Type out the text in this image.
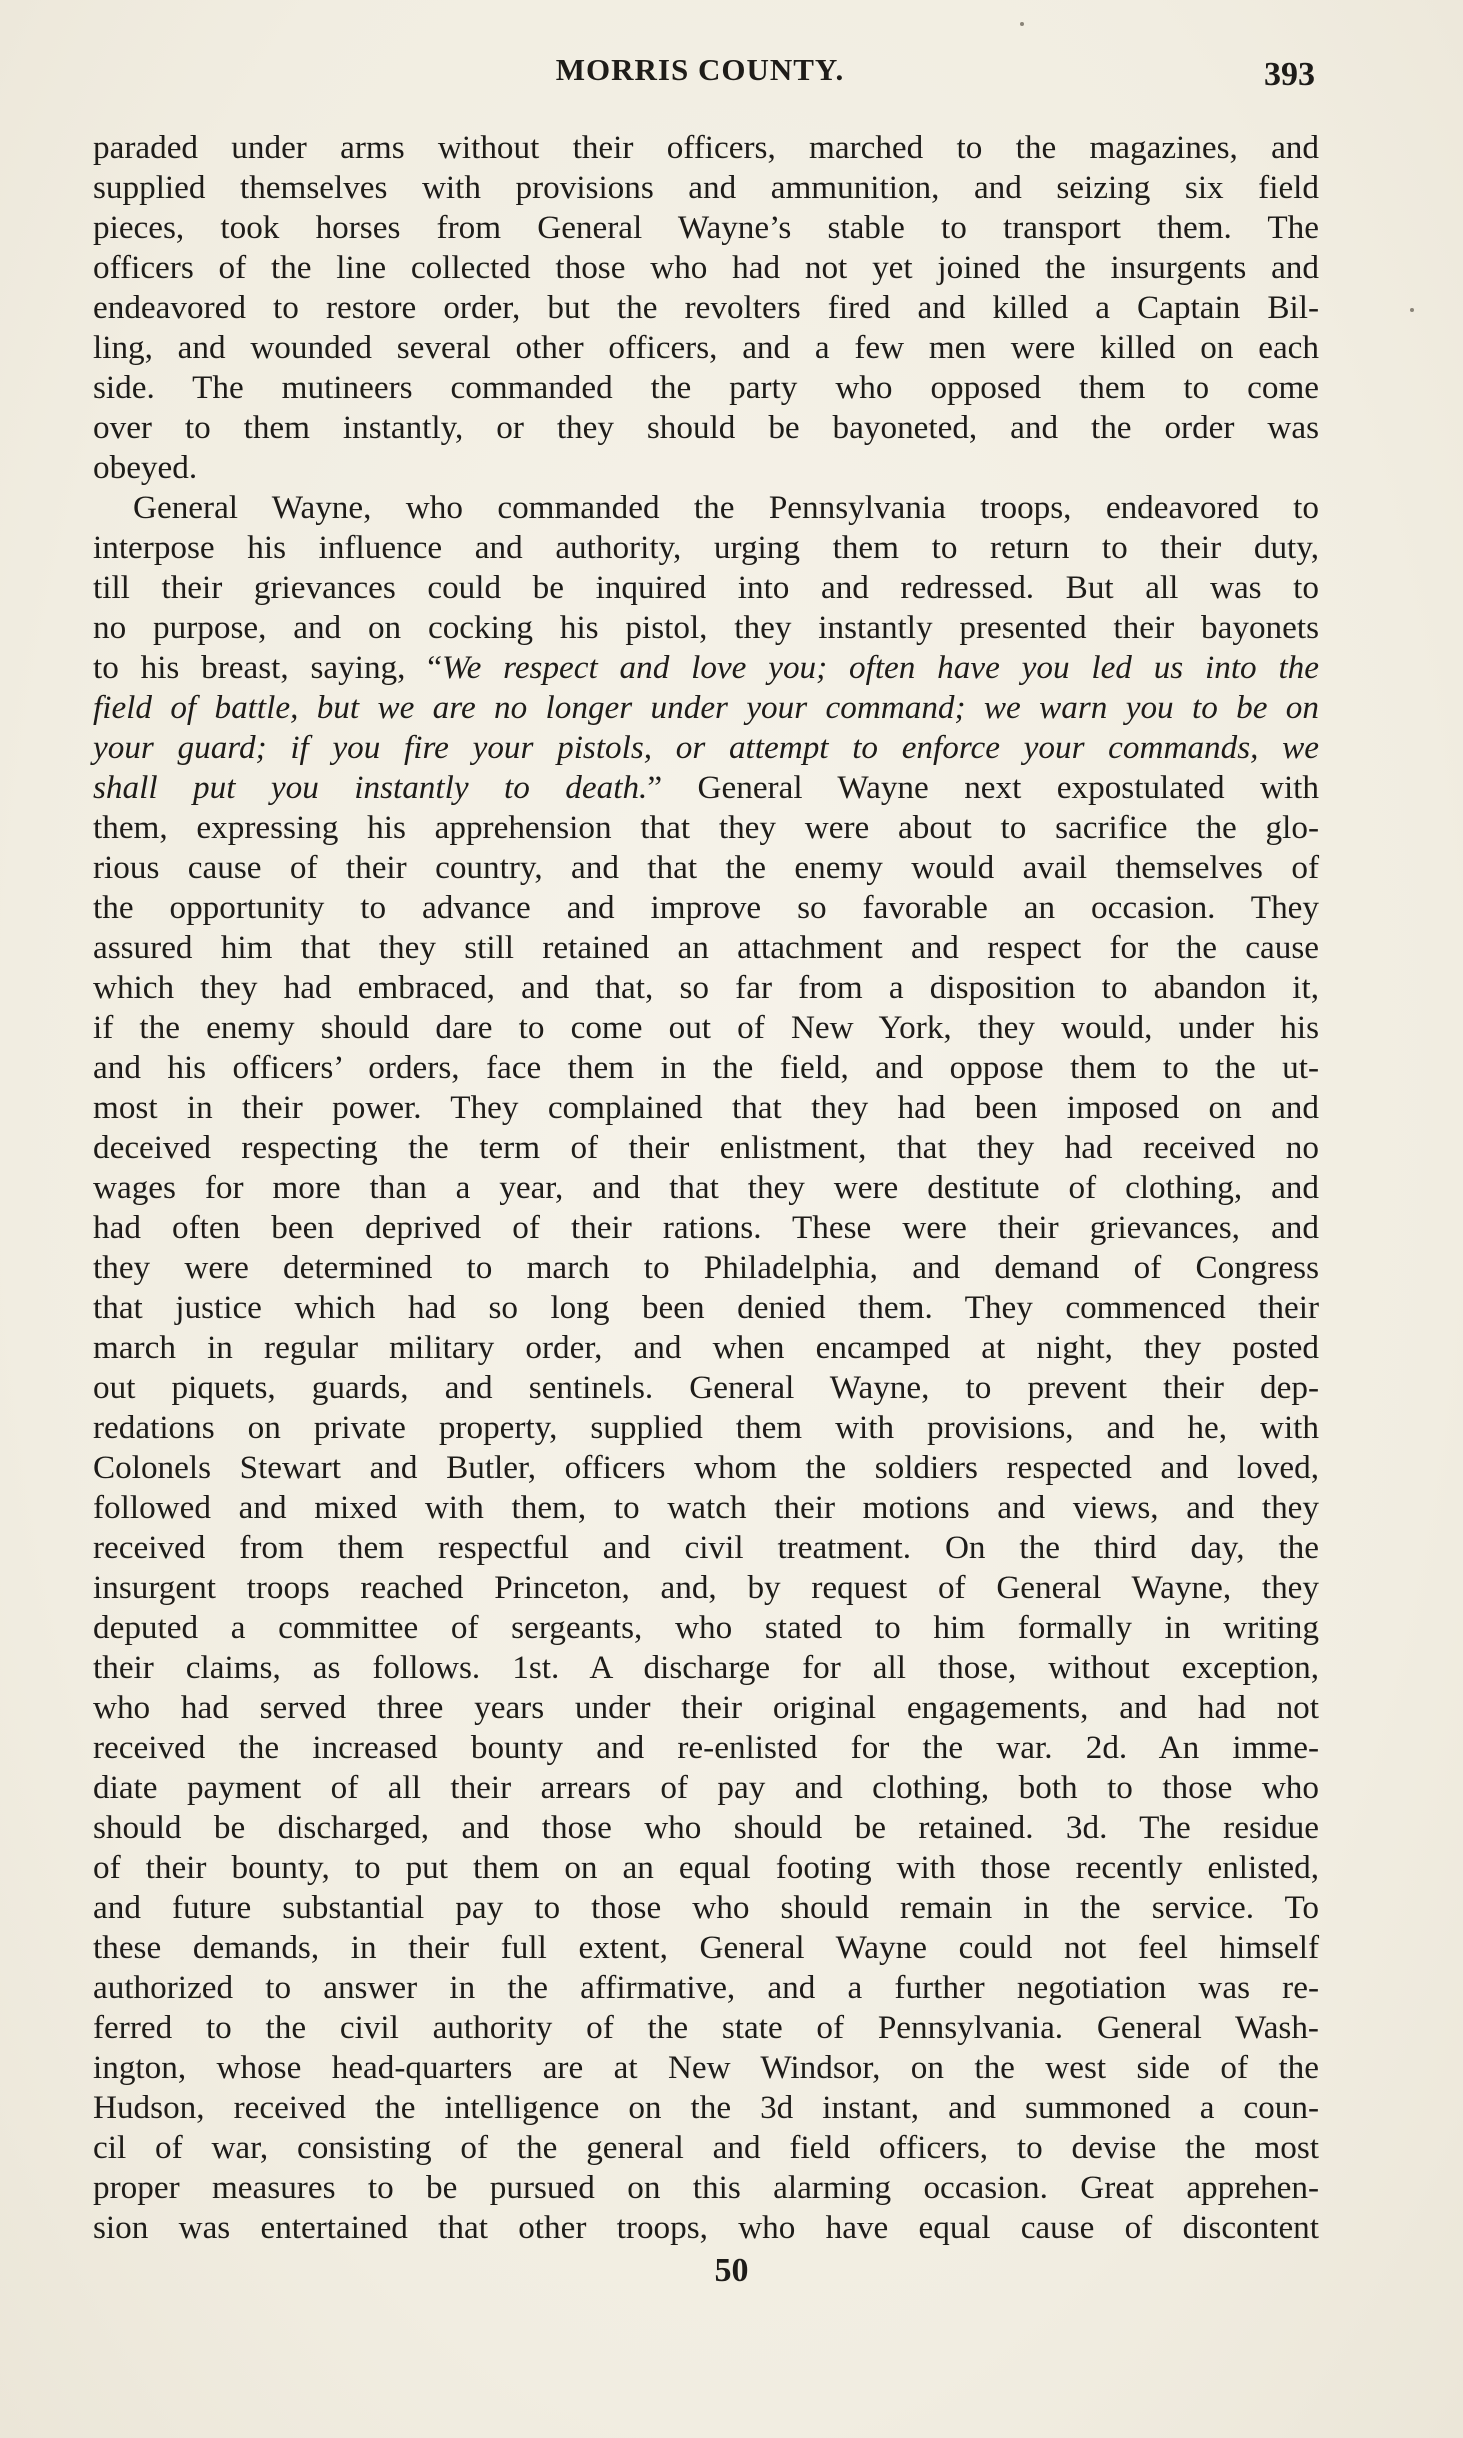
MORRIS COUNTY.	393
paraded under arms without their officers, marched to the magazines, and
supplied themselves with provisions and ammunition, and seizing six field
pieces, took horses from General Wayne’s stable to transport them. The
officers of the line collected those who had not yet joined the insurgents and
endeavored to restore order, but the revolters fired and killed a Captain Bil-
ling, and wounded several other officers, and a few men were killed on each
side. The mutineers commanded the party who opposed them to come
over to them instantly, or they should be bayoneted, and the order was
obeyed.
General Wayne, who commanded the Pennsylvania troops, endeavored to
interpose his influence and authority, urging them to return to their duty,
till their grievances could be inquired into and redressed. But all was to
no purpose, and on cocking his pistol, they instantly presented their bayonets
to his breast, saying, “We respect and love you; often have you led us into the
field of battle, but we are no longer under your command; we warn you to be on
your guard; if you fire your pistols, or attempt to enforce your commands, we
shall put you instantly to death.” General Wayne next expostulated with
them, expressing his apprehension that they were about to sacrifice the glo-
rious cause of their country, and that the enemy would avail themselves of
the opportunity to advance and improve so favorable an occasion. They
assured him that they still retained an attachment and respect for the cause
which they had embraced, and that, so far from a disposition to abandon it,
if the enemy should dare to come out of New York, they would, under his
and his officers’ orders, face them in the field, and oppose them to the ut-
most in their power. They complained that they had been imposed on and
deceived respecting the term of their enlistment, that they had received no
wages for more than a year, and that they were destitute of clothing, and
had often been deprived of their rations. These were their grievances, and
they were determined to march to Philadelphia, and demand of Congress
that justice which had so long been denied them. They commenced their
march in regular military order, and when encamped at night, they posted
out piquets, guards, and sentinels. General Wayne, to prevent their dep-
redations on private property, supplied them with provisions, and he, with
Colonels Stewart and Butler, officers whom the soldiers respected and loved,
followed and mixed with them, to watch their motions and views, and they
received from them respectful and civil treatment. On the third day, the
insurgent troops reached Princeton, and, by request of General Wayne, they
deputed a committee of sergeants, who stated to him formally in writing
their claims, as follows. 1st. A discharge for all those, without exception,
who had served three years under their original engagements, and had not
received the increased bounty and re-enlisted for the war. 2d. An imme-
diate payment of all their arrears of pay and clothing, both to those who
should be discharged, and those who should be retained. 3d. The residue
of their bounty, to put them on an equal footing with those recently enlisted,
and future substantial pay to those who should remain in the service. To
these demands, in their full extent, General Wayne could not feel himself
authorized to answer in the affirmative, and a further negotiation was re-
ferred to the civil authority of the state of Pennsylvania. General Wash-
ington, whose head-quarters are at New Windsor, on the west side of the
Hudson, received the intelligence on the 3d instant, and summoned a coun-
cil of war, consisting of the general and field officers, to devise the most
proper measures to be pursued on this alarming occasion. Great apprehen-
sion was entertained that other troops, who have equal cause of discontent
50
